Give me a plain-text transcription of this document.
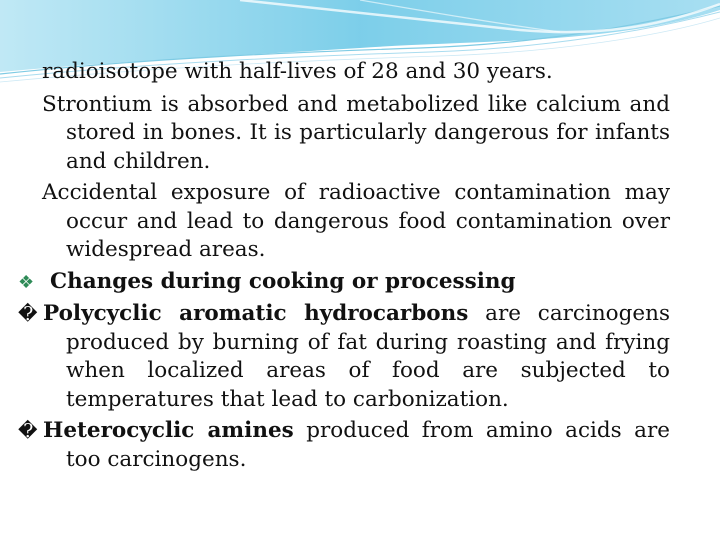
radioisotope with half-lives of 28 and 30 years.

Strontium is absorbed and metabolized like calcium and stored in bones. It is particularly dangerous for infants and children.

Accidental exposure of radioactive contamination may occur and lead to dangerous food contamination over widespread areas.

❖ Changes during cooking or processing

� Polycyclic aromatic hydrocarbons are carcinogens produced by burning of fat during roasting and frying when localized areas of food are subjected to temperatures that lead to carbonization.

� Heterocyclic amines produced from amino acids are too carcinogens.
